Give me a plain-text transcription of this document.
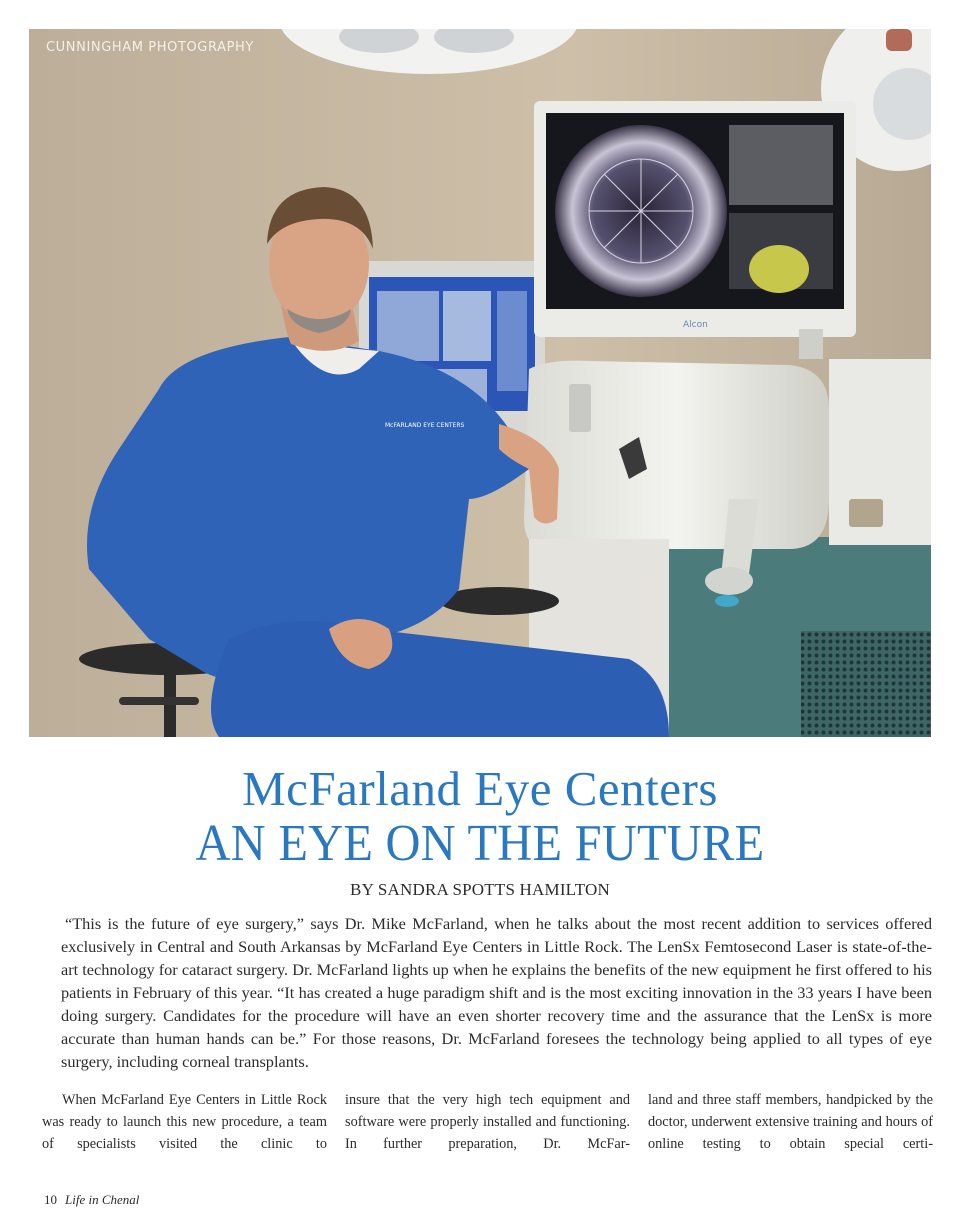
Alcon
McFARLAND EYE CENTERS
CUNNINGHAM PHOTOGRAPHY
McFarland Eye Centers
AN EYE ON THE FUTURE
BY SANDRA SPOTTS HAMILTON

“This is the future of eye surgery,” says Dr. Mike McFarland, when he talks about the most recent addition to services offered exclusively in Central and South Arkansas by McFarland Eye Centers in Little Rock. The LenSx Femtosecond Laser is state-of-the-art technology for cataract surgery. Dr. McFarland lights up when he explains the benefits of the new equipment he first offered to his patients in February of this year. “It has created a huge paradigm shift and is the most exciting innovation in the 33 years I have been doing surgery. Candidates for the procedure will have an even shorter recovery time and the assurance that the LenSx is more accurate than human hands can be.” For those reasons, Dr. McFarland foresees the technology being applied to all types of eye surgery, including corneal transplants.

When McFarland Eye Centers in Little Rock was ready to launch this new procedure, a team of specialists visited the clinic to

insure that the very high tech equipment and software were properly installed and functioning. In further preparation, Dr. McFar-

land and three staff members, handpicked by the doctor, underwent extensive training and hours of online testing to obtain special certi-

10 Life in Chenal
